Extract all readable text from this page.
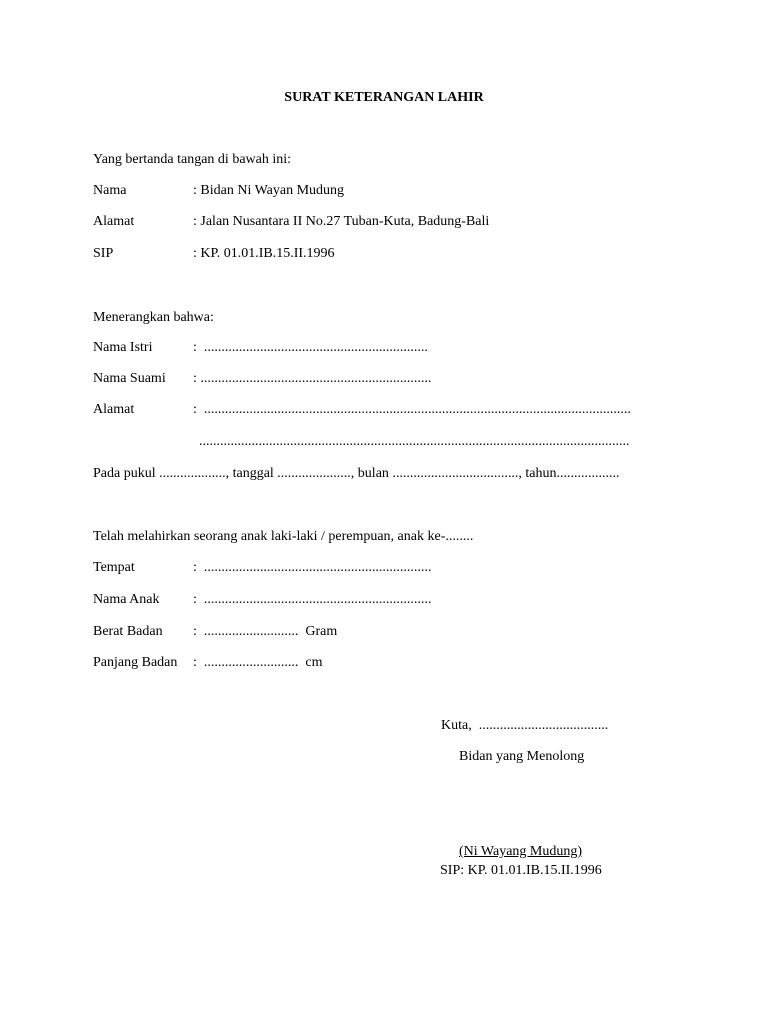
SURAT KETERANGAN LAHIR
Yang bertanda tangan di bawah ini:
Nama	: Bidan Ni Wayan Mudung
Alamat	: Jalan Nusantara II No.27 Tuban-Kuta, Badung-Bali
SIP	: KP. 01.01.IB.15.II.1996
Menerangkan bahwa:
Nama Istri	:  ................................................................
Nama Suami : ..................................................................
Alamat	:  ..........................................................................................................................
...........................................................................................................................
Pada pukul ..................., tanggal ....................., bulan ...................................., tahun..................
Telah melahirkan seorang anak laki-laki / perempuan, anak ke-........
Tempat	:  .................................................................
Nama Anak :  .................................................................
Berat Badan :  ...........................  Gram
Panjang Badan :  ...........................  cm
Kuta,  .....................................
Bidan yang Menolong
(Ni Wayang Mudung)
SIP: KP. 01.01.IB.15.II.1996
